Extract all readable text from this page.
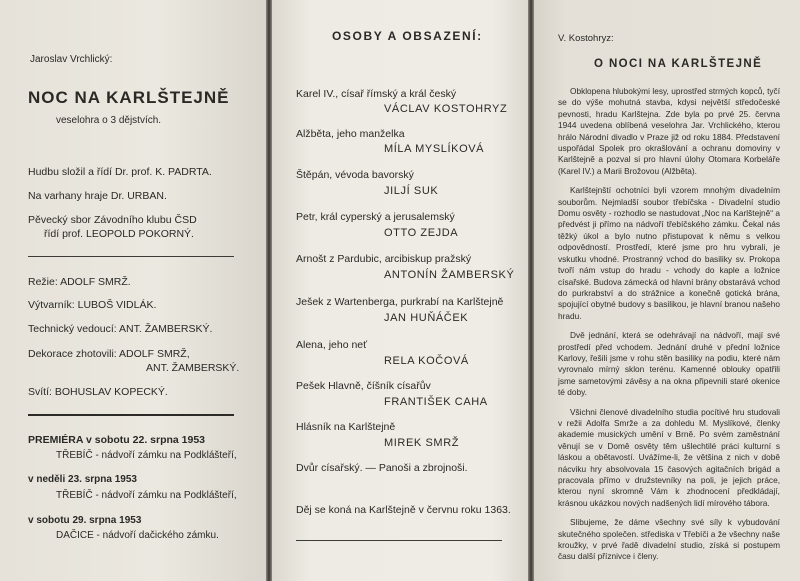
Jaroslav Vrchlický:
NOC NA KARLŠTEJNĚ
veselohra o 3 dějstvích.
Hudbu složil a řídí Dr. prof. K. PADRTA.
Na varhany hraje Dr. URBAN.
Pěvecký sbor Závodního klubu ČSD
řídí prof. LEOPOLD POKORNÝ.
Režie: ADOLF SMRŽ.
Výtvarník: LUBOŠ VIDLÁK.
Technický vedoucí: ANT. ŽAMBERSKÝ.
Dekorace zhotovili: ADOLF SMRŽ,
ANT. ŽAMBERSKÝ.
Svítí: BOHUSLAV KOPECKÝ.
PREMIÉRA v sobotu 22. srpna 1953
TŘEBÍČ - nádvoří zámku na Podklášteří,
v neděli 23. srpna 1953
TŘEBÍČ - nádvoří zámku na Podklášteří,
v sobotu 29. srpna 1953
DAČICE - nádvoří dačického zámku.
OSOBY A OBSAZENÍ:
Karel IV., císař římský a král český
VÁCLAV KOSTOHRYZ
Alžběta, jeho manželka
MÍLA MYSLÍKOVÁ
Štěpán, vévoda bavorský
JILJÍ SUK
Petr, král cyperský a jerusalemský
OTTO ZEJDA
Arnošt z Pardubic, arcibiskup pražský
ANTONÍN ŽAMBERSKÝ
Ješek z Wartenberga, purkrabí na Karlštejně
JAN HUŇÁČEK
Alena, jeho neť
RELA KOČOVÁ
Pešek Hlavně, číšník císařův
FRANTIŠEK CAHA
Hlásník na Karlštejně
MIREK SMRŽ
Dvůr císařský. — Panoši a zbrojnoši.
Děj se koná na Karlštejně v červnu roku 1363.
V. Kostohryz:
O NOCI NA KARLŠTEJNĚ

Obklopena hlubokými lesy, uprostřed strmých kopců, tyčí se do výše mohutná stavba, kdysi největší středočeské pevnosti, hradu Karlštejna. Zde byla po prvé 25. června 1944 uvedena oblíbená veselohra Jar. Vrchlického, kterou hrálo Národní divadlo v Praze již od roku 1884. Představení uspořádal Spolek pro okrašlování a ochranu domoviny v Karlštejně a pozval si pro hlavní úlohy Otomara Korbeláře (Karel IV.) a Marii Brožovou (Alžběta).

Karlštejnští ochotníci byli vzorem mnohým divadelním souborům. Nejmladší soubor třebíčska - Divadelní studio Domu osvěty - rozhodlo se nastudovat „Noc na Karlštejně“ a předvést ji přímo na nádvoří třebíčského zámku. Čekal nás těžký úkol a bylo nutno přistupovat k němu s velkou odpovědností. Prostředí, které jsme pro hru vybrali, je vskutku vhodné. Prostranný vchod do basiliky sv. Prokopa tvoří nám vstup do hradu - vchody do kaple a ložnice císařské. Budova zámecká od hlavní brány obstarává vchod do purkrabství a do strážnice a konečně gotická brána, spojující obytné budovy s basilikou, je hlavní branou našeho hradu.

Dvě jednání, která se odehrávají na nádvoří, mají své prostředí před vchodem. Jednání druhé v přední ložnice Karlovy, řešili jsme v rohu stěn basiliky na podiu, které nám vyrovnalo mírný sklon terénu. Kamenné oblouky opatřili jsme sametovými závěsy a na okna připevnili staré okenice té doby.

Všichni členové divadelního studia pocítivé hru studovali v režii Adolfa Smrže a za dohledu M. Myslíkové, členky akademie musických umění v Brně. Po svém zaměstnání věnují se v Domě osvěty těm ušlechtilé práci kulturní s láskou a obětavostí. Uvážíme-li, že většina z nich v době nácviku hry absolvovala 15 časových agitačních brigád a pracovala přímo v družstevníky na poli, je jejich práce, kterou nyní skromně Vám k zhodnocení předkládají, krásnou ukázkou nových nadšených lidí mírového tábora.

Slibujeme, že dáme všechny své síly k vybudování skutečného společen. střediska v Třebíči a že všechny naše kroužky, v prvé řadě divadelní studio, získá si postupem času další příznivce i členy.
